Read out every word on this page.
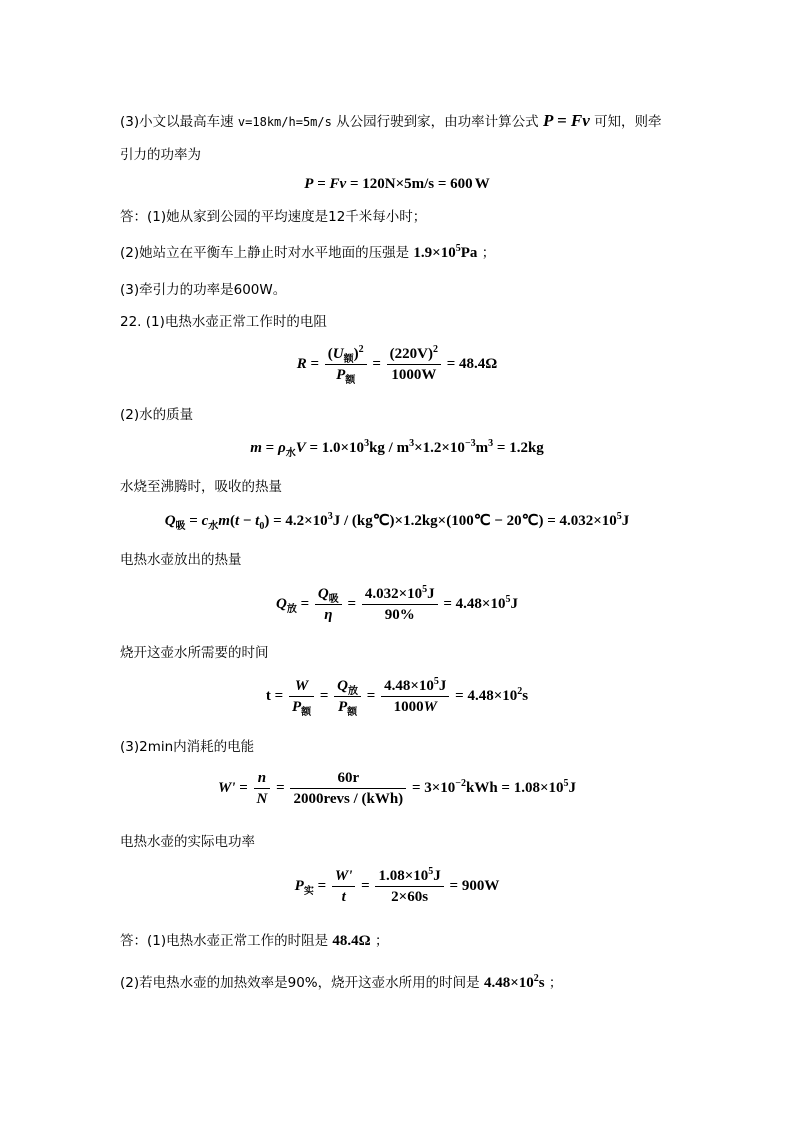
(3)小文以最高车速 v=18km/h=5m/s 从公园行驶到家，由功率计算公式 P = Fv 可知，则牵
引力的功率为
P = Fv = 120N×5m/s = 600 W
答：(1)她从家到公园的平均速度是12千米每小时；
(2)她站立在平衡车上静止时对水平地面的压强是 $1.9\times 10^5Pa$ ；
(3)牵引力的功率是600W。
22. (1)电热水壶正常工作时的电阻
$R = \frac{(U_额)^2}{P_额} = \frac{(220V)^2}{1000W} = 48.4\Omega$
(2)水的质量
$m = \rho_水V = 1.0\times 10^3kg / m^3\times 1.2\times 10^{-3}m^3 = 1.2kg$
水烧至沸腾时，吸收的热量
$Q_吸 = c_水m(t - t_0) = 4.2\times 10^3J$ / (kg℃)×1.2kg×(100℃ − 20℃) = $4.032\times 10^5J$
电热水壶放出的热量
$Q_放 = \frac{Q_吸}{\eta} = \frac{4.032\times 10^5J}{90\%} = 4.48\times 10^5J$
烧开这壶水所需要的时间
$t = \frac{W}{P_额} = \frac{Q_放}{P_额} = \frac{4.48\times 10^5J}{1000W} = 4.48\times 10^2s$
(3)2min内消耗的电能
$W' = \frac{n}{N} = \frac{60r}{\text{2000revs / (kWh)}} = 3\times 10^{-2}kWh = 1.08\times 10^5J$
电热水壶的实际电功率
$P_实 = \frac{W'}{t} = \frac{1.08\times 10^5J}{2\times 60s} = 900W$
答：(1)电热水壶正常工作的时阻是 48.4Ω ；
(2)若电热水壶的加热效率是90%，烧开这壶水所用的时间是 $4.48\times 10^2s$ ；
